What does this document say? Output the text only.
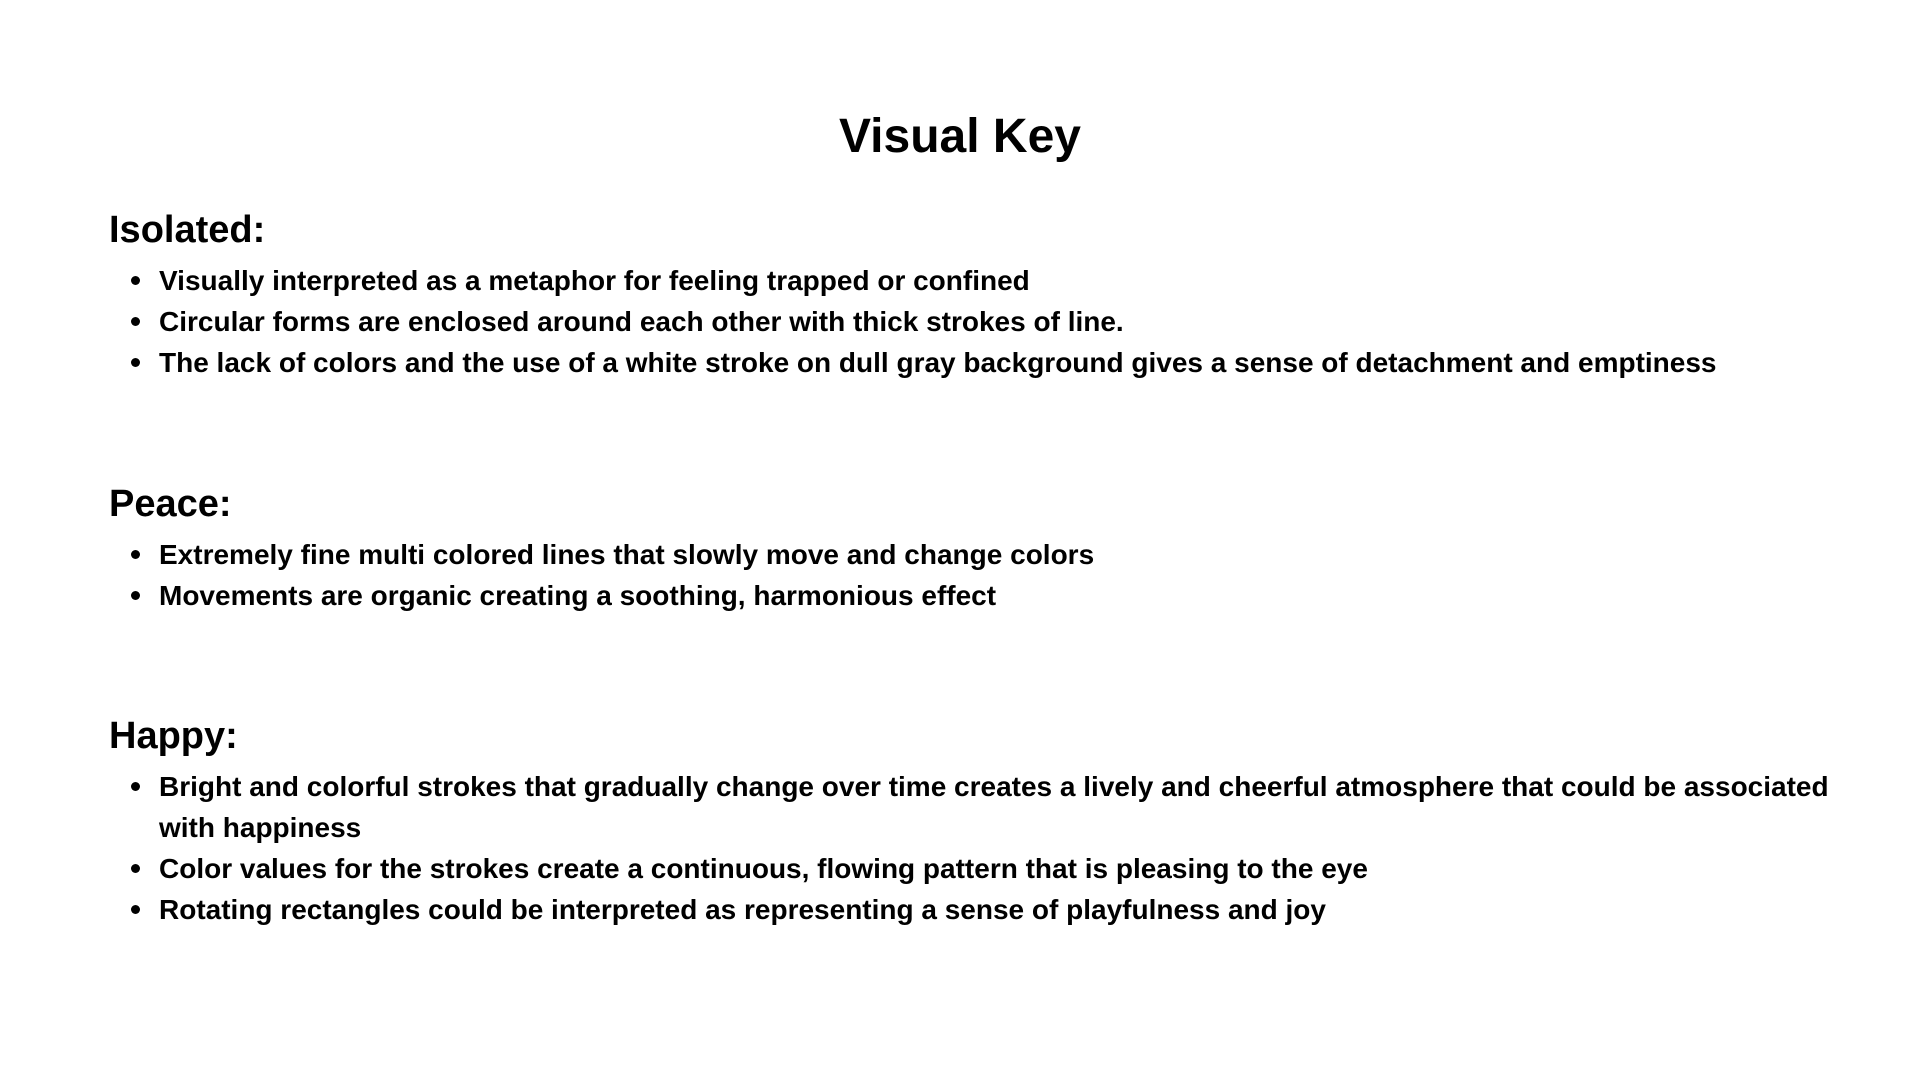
Visual Key
Isolated:
Visually interpreted as a metaphor for feeling trapped or confined
Circular forms are enclosed around each other with thick strokes of line.
The lack of colors and the use of a white stroke on dull gray background gives a sense of detachment and emptiness
Peace:
Extremely fine multi colored lines that slowly move and change colors
Movements are organic creating a soothing, harmonious effect
Happy:
Bright and colorful strokes that gradually change over time creates a lively and cheerful atmosphere that could be associated with happiness
Color values for the strokes create a continuous, flowing pattern that is pleasing to the eye
Rotating rectangles could be interpreted as representing a sense of playfulness and joy
